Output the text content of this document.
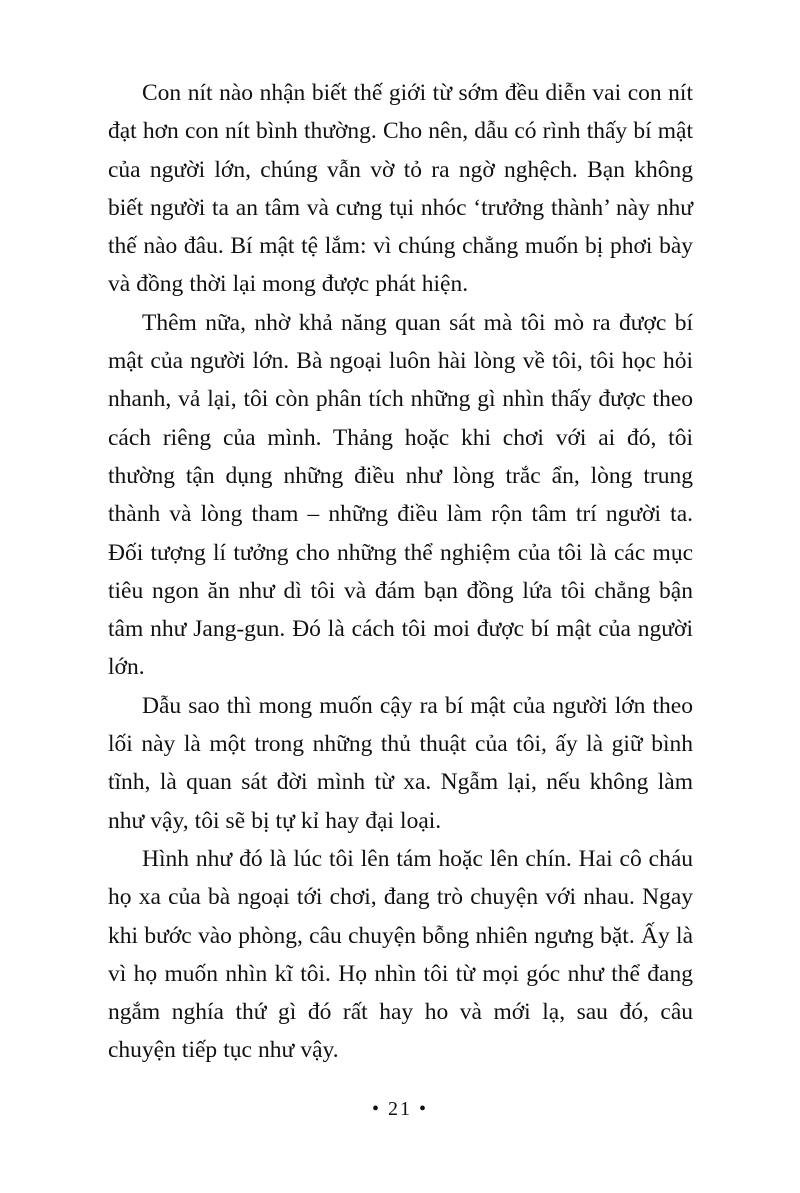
Con nít nào nhận biết thế giới từ sớm đều diễn vai con nít đạt hơn con nít bình thường. Cho nên, dẫu có rình thấy bí mật của người lớn, chúng vẫn vờ tỏ ra ngờ nghệch. Bạn không biết người ta an tâm và cưng tụi nhóc ‘trưởng thành’ này như thế nào đâu. Bí mật tệ lắm: vì chúng chẳng muốn bị phơi bày và đồng thời lại mong được phát hiện.

Thêm nữa, nhờ khả năng quan sát mà tôi mò ra được bí mật của người lớn. Bà ngoại luôn hài lòng về tôi, tôi học hỏi nhanh, vả lại, tôi còn phân tích những gì nhìn thấy được theo cách riêng của mình. Thảng hoặc khi chơi với ai đó, tôi thường tận dụng những điều như lòng trắc ẩn, lòng trung thành và lòng tham – những điều làm rộn tâm trí người ta. Đối tượng lí tưởng cho những thể nghiệm của tôi là các mục tiêu ngon ăn như dì tôi và đám bạn đồng lứa tôi chẳng bận tâm như Jang-gun. Đó là cách tôi moi được bí mật của người lớn.

Dẫu sao thì mong muốn cậy ra bí mật của người lớn theo lối này là một trong những thủ thuật của tôi, ấy là giữ bình tĩnh, là quan sát đời mình từ xa. Ngẫm lại, nếu không làm như vậy, tôi sẽ bị tự kỉ hay đại loại.

Hình như đó là lúc tôi lên tám hoặc lên chín. Hai cô cháu họ xa của bà ngoại tới chơi, đang trò chuyện với nhau. Ngay khi bước vào phòng, câu chuyện bỗng nhiên ngưng bặt. Ấy là vì họ muốn nhìn kĩ tôi. Họ nhìn tôi từ mọi góc như thể đang ngắm nghía thứ gì đó rất hay ho và mới lạ, sau đó, câu chuyện tiếp tục như vậy.

• 21 •
